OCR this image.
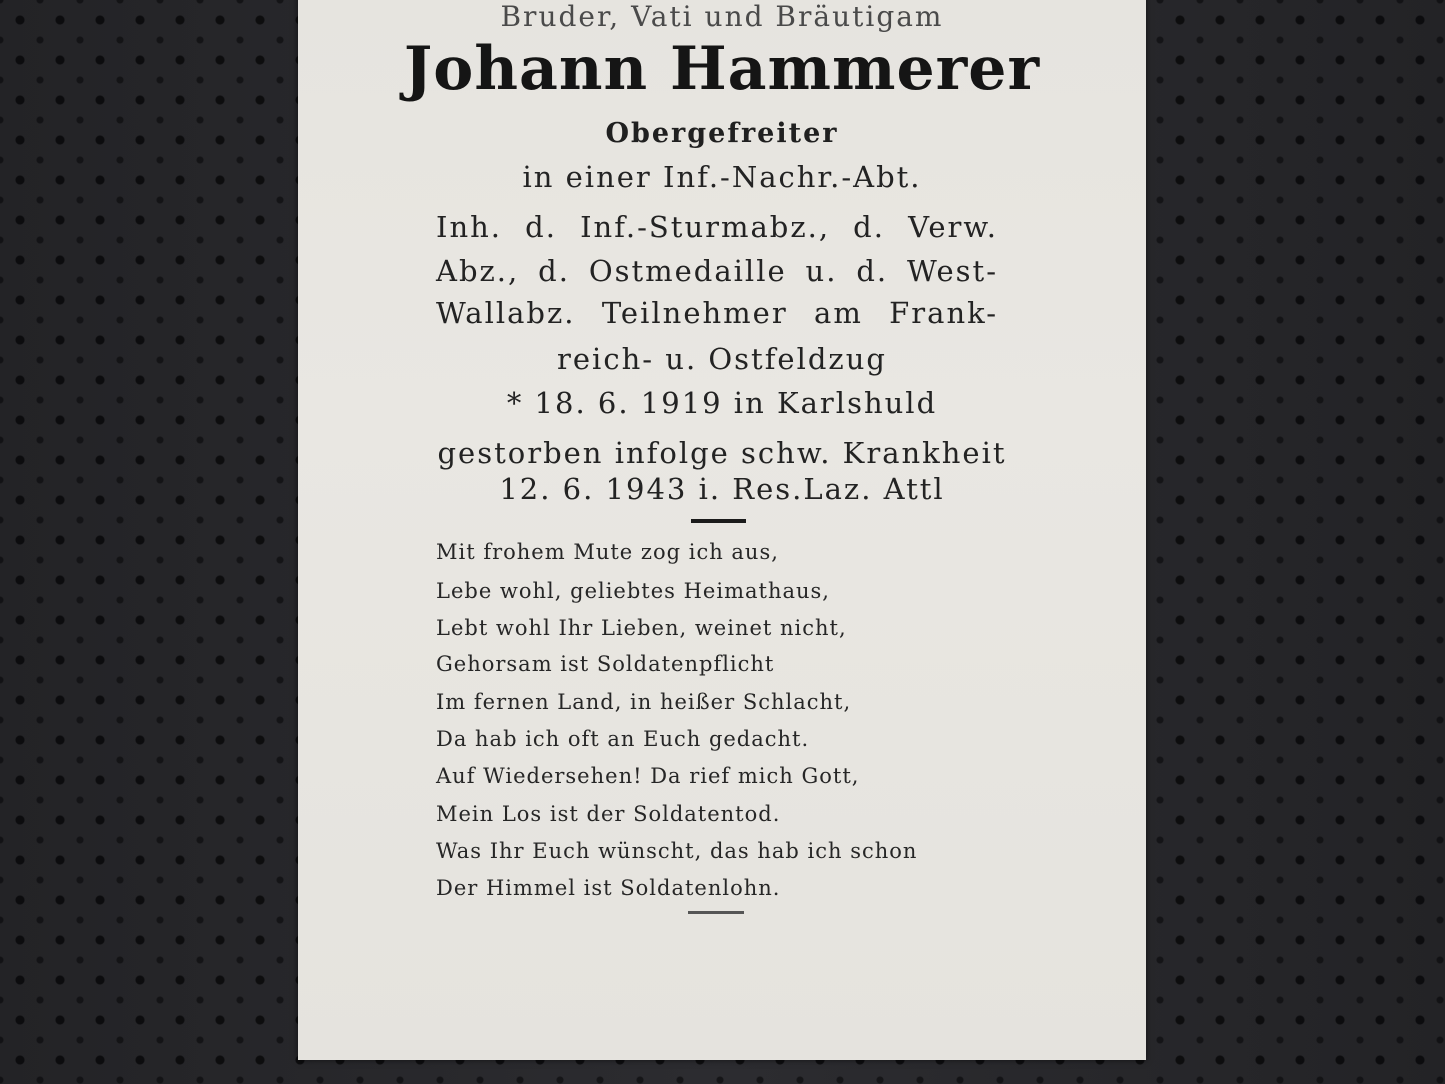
Bruder, Vati und Bräutigam
Johann Hammerer
Obergefreiter
in einer Inf.-Nachr.-Abt.
Inh. d. Inf.-Sturmabz., d. Verw.
Abz., d. Ostmedaille u. d. West-
Wallabz. Teilnehmer am Frank-
reich- u. Ostfeldzug
* 18. 6. 1919 in Karlshuld
gestorben infolge schw. Krankheit
12. 6. 1943 i. Res.Laz. Attl
Mit frohem Mute zog ich aus,
Lebe wohl, geliebtes Heimathaus,
Lebt wohl Ihr Lieben, weinet nicht,
Gehorsam ist Soldatenpflicht
Im fernen Land, in heißer Schlacht,
Da hab ich oft an Euch gedacht.
Auf Wiedersehen! Da rief mich Gott,
Mein Los ist der Soldatentod.
Was Ihr Euch wünscht, das hab ich schon
Der Himmel ist Soldatenlohn.
